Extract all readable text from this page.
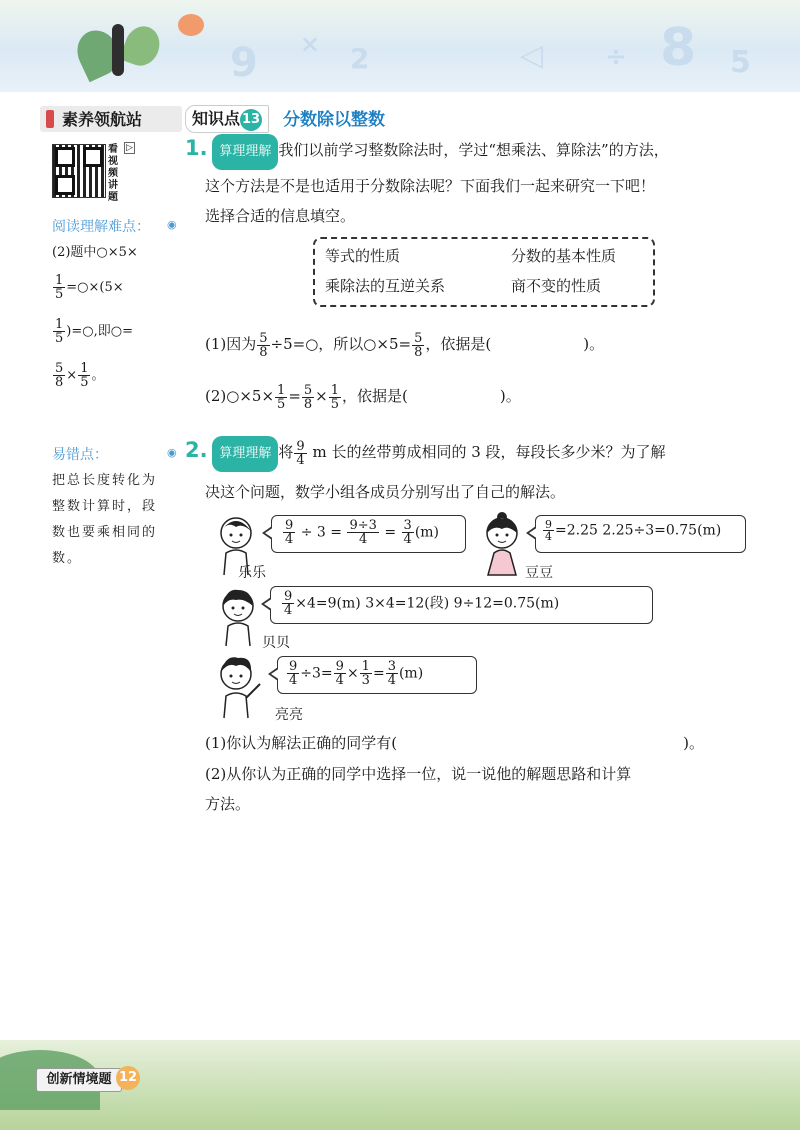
9 × 2	◁ ÷ 8 5
素养领航站	知识点 13	分数除以整数
看视频讲题
▷
阅读理解难点： ◉
(2)题中○×5×
$\frac{1}{5}$ =○×(5×
$\frac{1}{5}$ )=○,即○=
$\frac{5}{8} \times \frac{1}{5}$ 。
易错点：	◉
把总长度转化为
整数计算时，段
数也要乘相同的
数。
1. 算理理解 我们以前学习整数除法时，学过“想乘法、算除法”的方法，
这个方法是不是也适用于分数除法呢？下面我们一起来研究一下吧！
选择合适的信息填空。
等式的性质	分数的基本性质
乘除法的互逆关系	商不变的性质
(1)因为 $\frac{5}{8}$ ÷5=○，所以○×5= $\frac{5}{8}$ ，依据是(	)。
(2)○×5× $\frac{1}{5} = \frac{5}{8} \times \frac{1}{5}$ ，依据是(	)。
2. 算理理解 将 $\frac{9}{4}$ m 长的丝带剪成相同的 3 段，每段长多少米？为了解
决这个问题，数学小组各成员分别写出了自己的解法。
乐乐
$\frac{9}{4} \div 3 = \frac{9\div 3}{4} = \frac{3}{4} (m)$
豆豆
$\frac{9}{4} =2.25$ 2.25÷3=0.75(m)
贝贝
$\frac{9}{4} \times 4=9(m)$ 3×4=12(段) 9÷12=0.75(m)
亮亮
$\frac{9}{4} \div 3= \frac{9}{4} \times \frac{1}{3} = \frac{3}{4} (m)$
(1)你认为解法正确的同学有(	)。
(2)从你认为正确的同学中选择一位，说一说他的解题思路和计算
方法。
创新情境题 12
